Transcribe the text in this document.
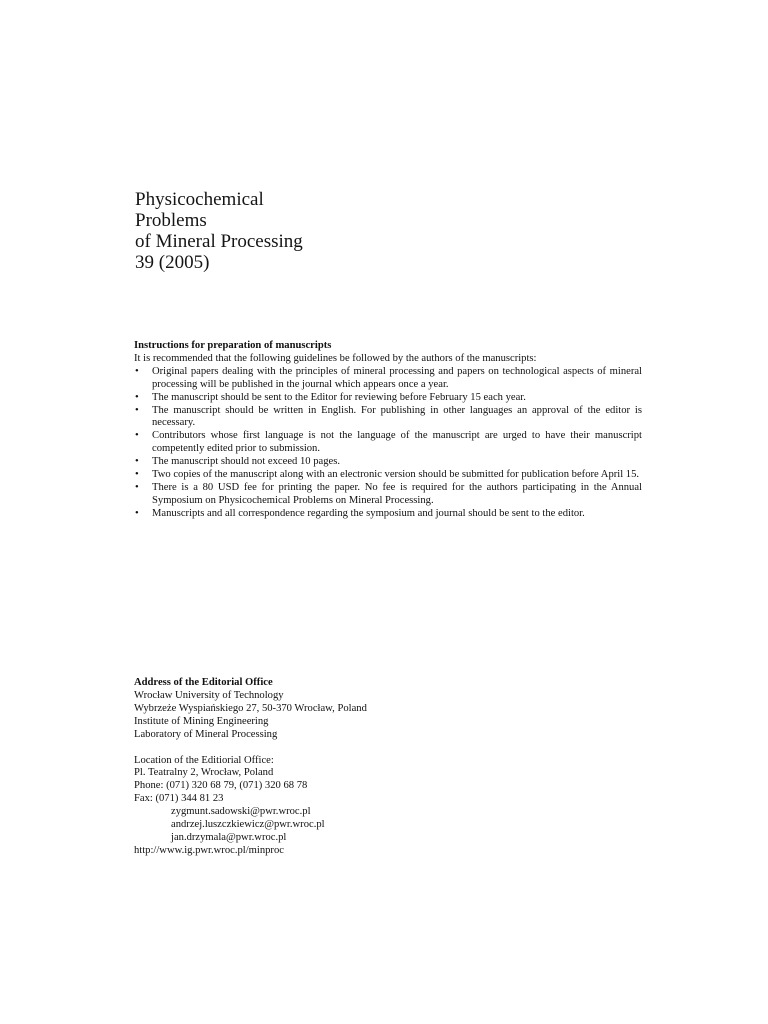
Physicochemical
Problems
of Mineral Processing
39 (2005)
Instructions for preparation of manuscripts
It is recommended that the following guidelines be followed by the authors of the manuscripts:
• Original papers dealing with the principles of mineral processing and papers on technological aspects of mineral processing will be published in the journal which appears once a year.
• The manuscript should be sent to the Editor for reviewing before February 15 each year.
• The manuscript should be written in English. For publishing in other languages an approval of the editor is necessary.
• Contributors whose first language is not the language of the manuscript are urged to have their manuscript competently edited prior to submission.
• The manuscript should not exceed 10 pages.
• Two copies of the manuscript along with an electronic version should be submitted for publication before April 15.
• There is a 80 USD fee for printing the paper. No fee is required for the authors participating in the Annual Symposium on Physicochemical Problems on Mineral Processing.
• Manuscripts and all correspondence regarding the symposium and journal should be sent to the editor.
Address of the Editorial Office
Wrocław University of Technology
Wybrzeże Wyspiańskiego 27, 50-370 Wrocław, Poland
Institute of Mining Engineering
Laboratory of Mineral Processing
Location of the Editiorial Office:
Pl. Teatralny 2, Wrocław, Poland
Phone: (071) 320 68 79, (071) 320 68 78
Fax: (071) 344 81 23
zygmunt.sadowski@pwr.wroc.pl
andrzej.luszczkiewicz@pwr.wroc.pl
jan.drzymala@pwr.wroc.pl
http://www.ig.pwr.wroc.pl/minproc
